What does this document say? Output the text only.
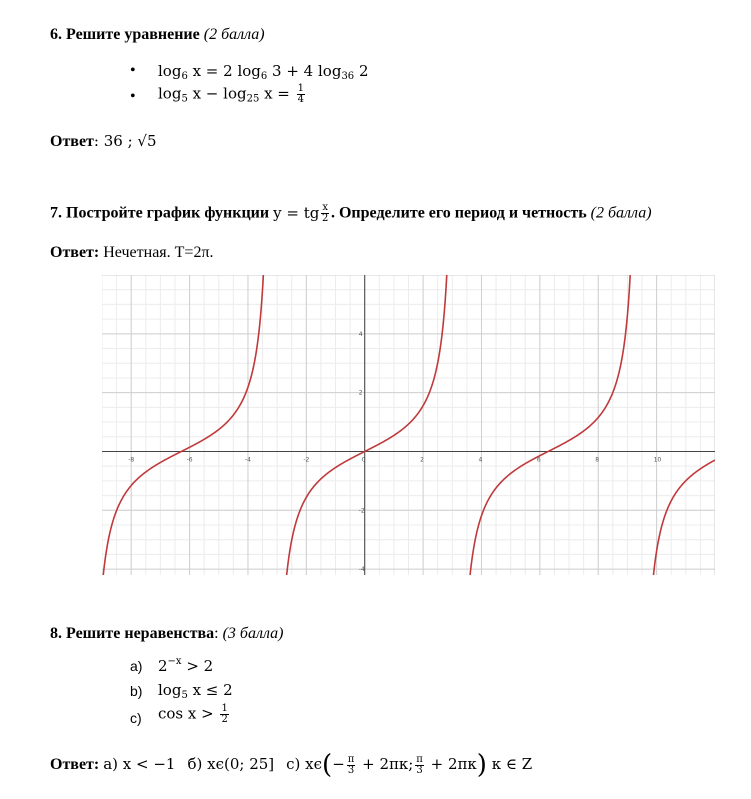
6. Решите уравнение (2 балла)
• $\log_6 x = 2$ $\log_6 3 + 4$ $\log_{36} 2$
• $\log_5 x - \log_{25} x = \frac{1}{4}$
Ответ: 36 ; √5
7. Постройте график функции y = tg $\frac{x}{2}$ . Определите его период и четность (2 балла)
Ответ: Нечетная. T=2π.
-8	-6	-4	-2	0	2	4	6	8	10
-4
-2
2
4
8. Решите неравенства: (3 балла)
a) $2^{-x} > 2$
b) $\log_5 x \le 2$
c) $\cos x > \frac{1}{2}$
Ответ: а) x < −1 б) xϵ(0; 25] c) $x\epsilon(- \frac{\pi}{3} + 2\pi к$; $\frac{\pi}{3} + 2\pi к$) к ∈ Z
